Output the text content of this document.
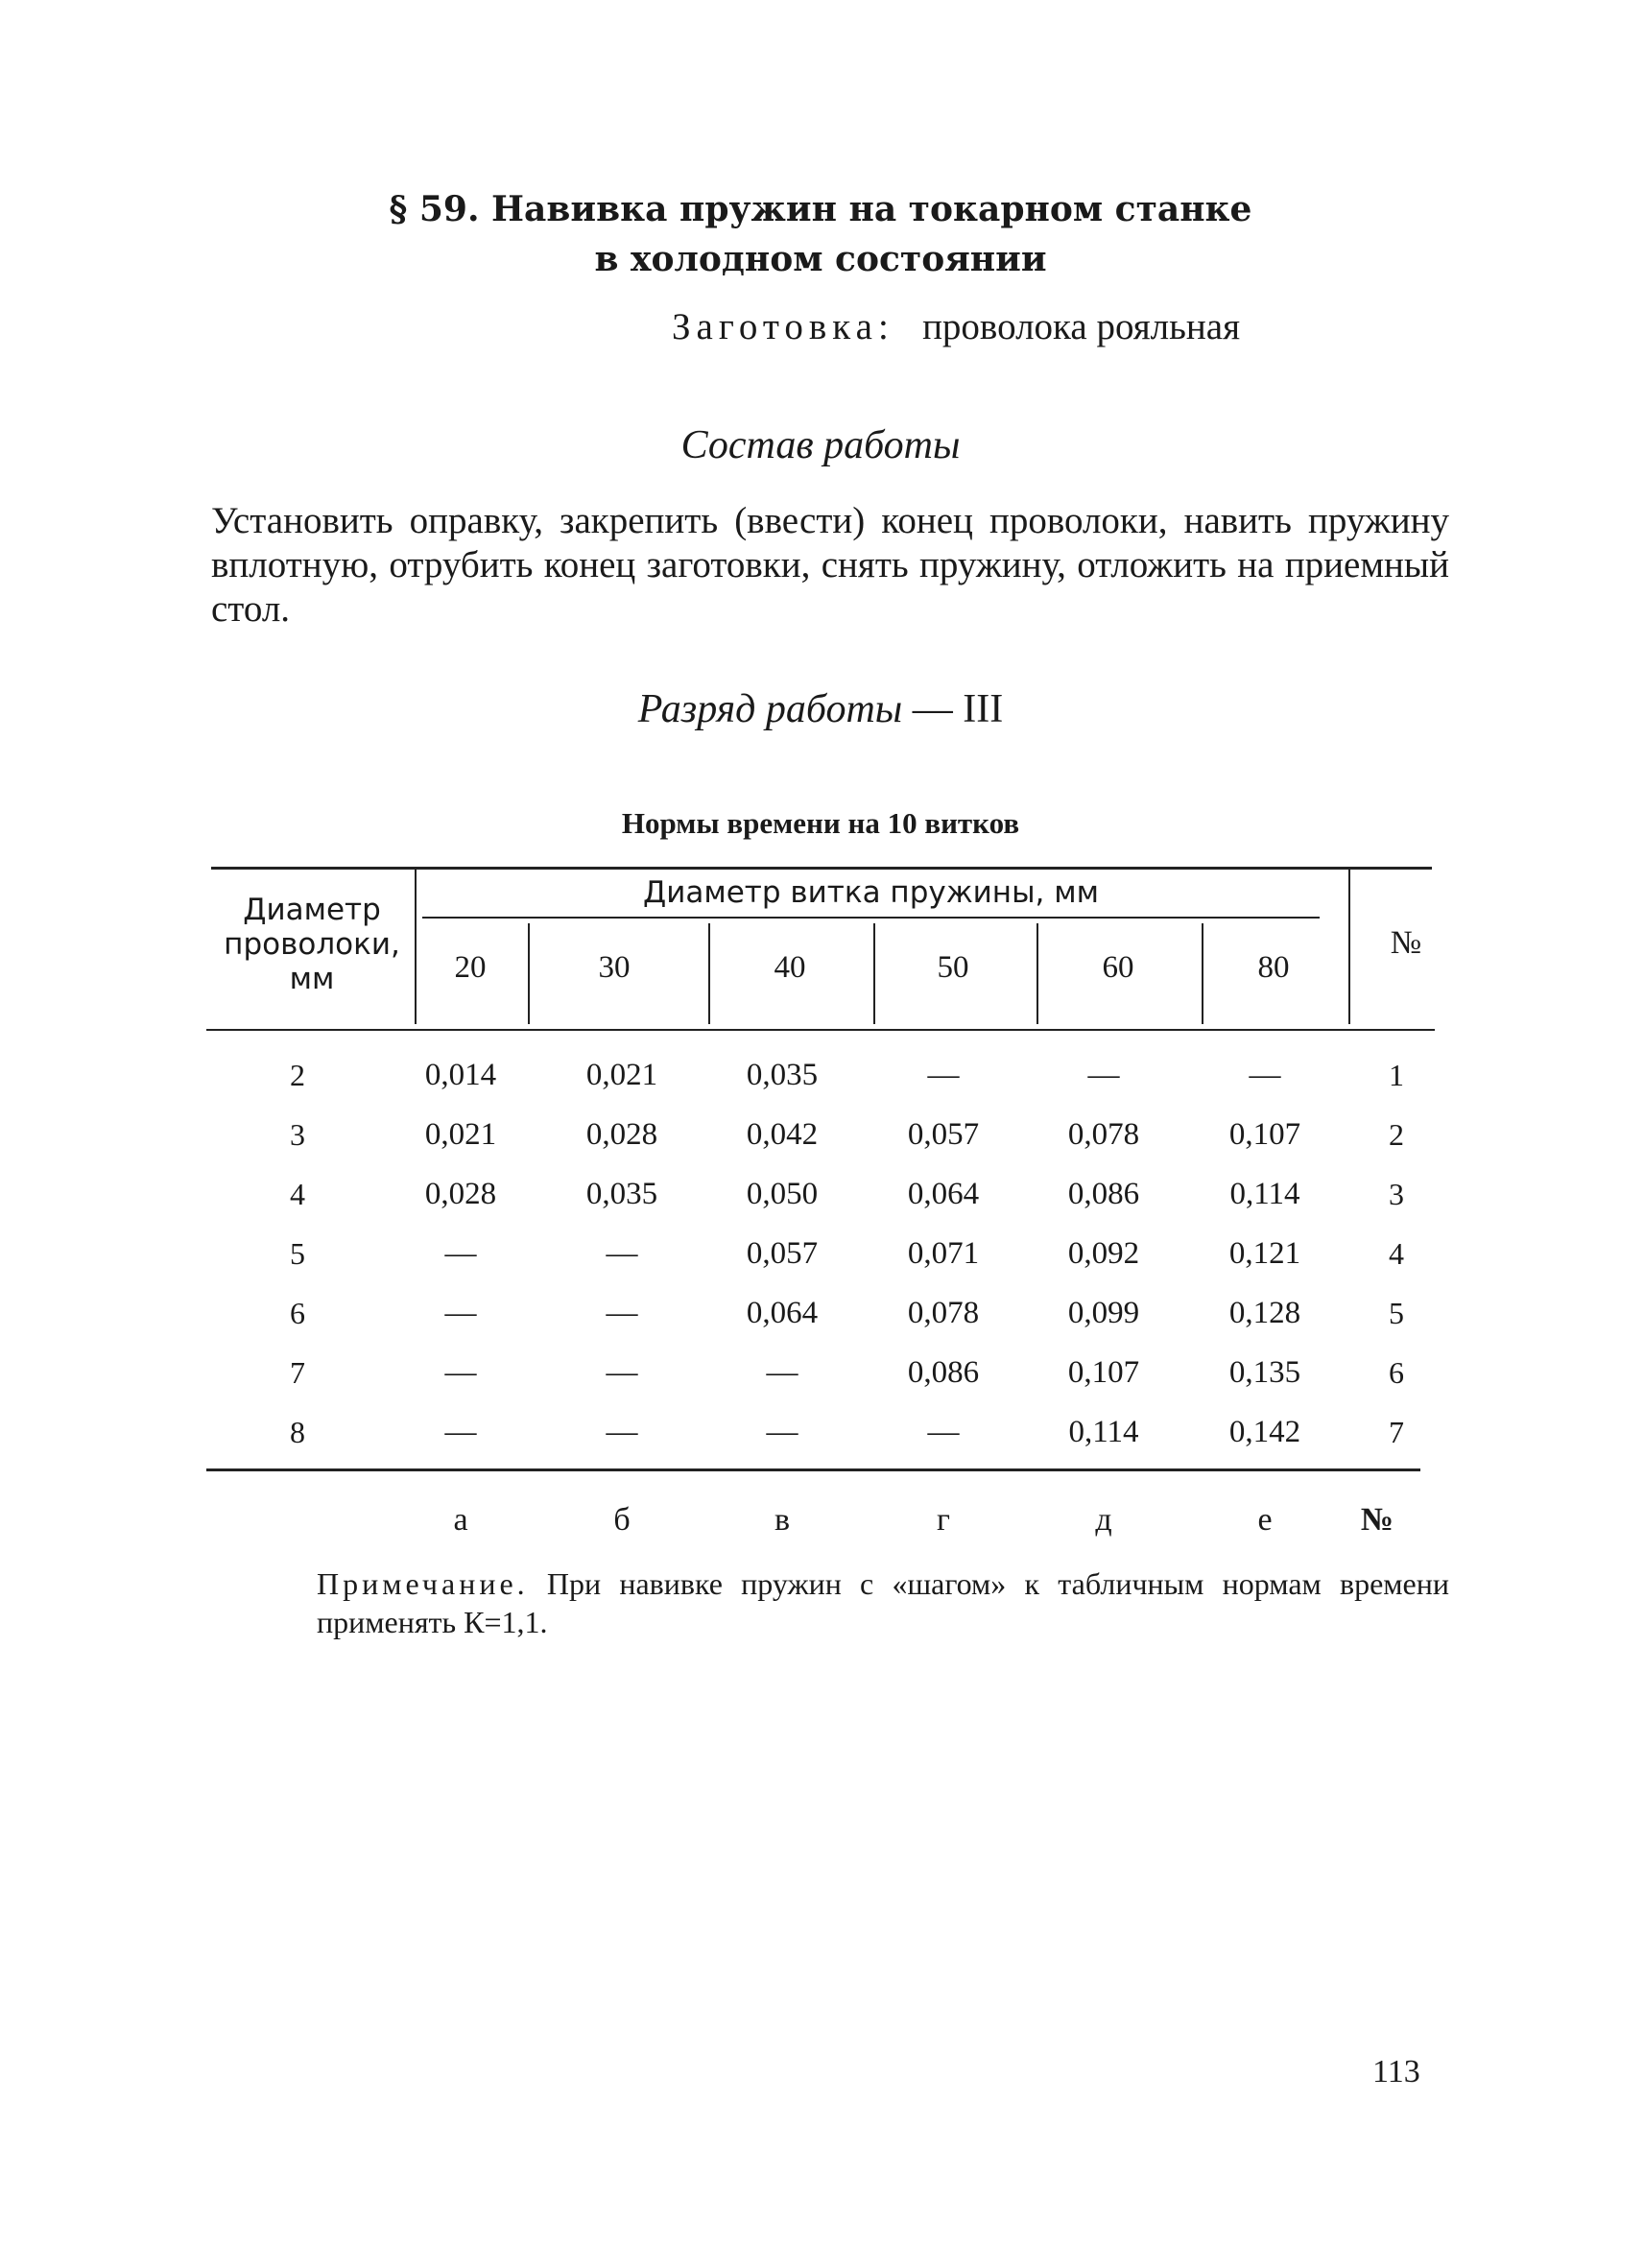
§ 59. Навивка пружин на токарном станке
в холодном состоянии
Заготовка: проволока рояльная
Состав работы
Установить оправку, закрепить (ввести) конец проволоки, навить пружину вплотную, отрубить конец заготовки, снять пружину, отложить на приемный стол.
Разряд работы — III
Нормы времени на 10 витков
Диаметр
проволоки,
мм
Диаметр витка пружины, мм
№
20	30	40	50	60	80
2	0,014	0,021	0,035	—	—	—	1
3	0,021	0,028	0,042	0,057	0,078	0,107	2
4	0,028	0,035	0,050	0,064	0,086	0,114	3
5	—	—	0,057	0,071	0,092	0,121	4
6	—	—	0,064	0,078	0,099	0,128	5
7	—	—	—	0,086	0,107	0,135	6
8	—	—	—	—	0,114	0,142	7
а	б	в	г	д	е	№
Примечание. При навивке пружин с «шагом» к табличным нормам времени применять К=1,1.
113
